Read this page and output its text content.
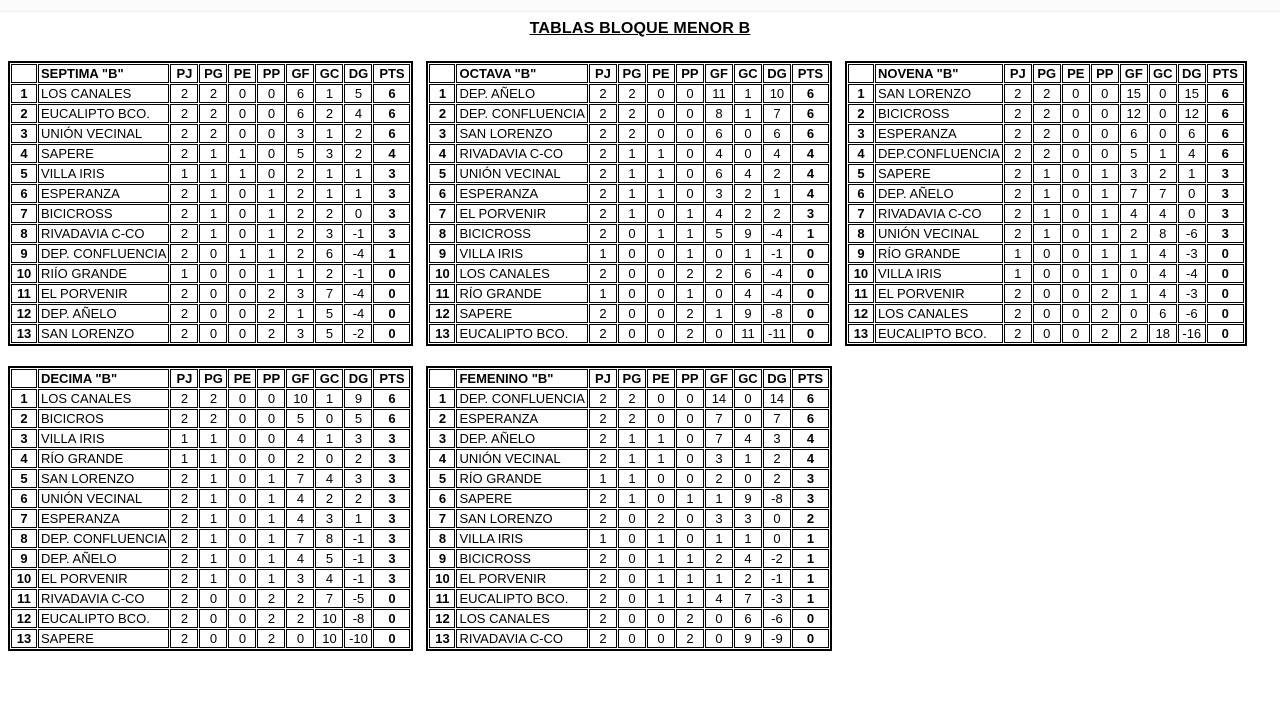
TABLAS BLOQUE MENOR B
	SEPTIMA "B"	PJ	PG	PE	PP	GF	GC	DG	PTS
1	LOS CANALES	2	2	0	0	6	1	5	6
2	EUCALIPTO BCO.	2	2	0	0	6	2	4	6
3	UNIÓN VECINAL	2	2	0	0	3	1	2	6
4	SAPERE	2	1	1	0	5	3	2	4
5	VILLA IRIS	1	1	1	0	2	1	1	3
6	ESPERANZA	2	1	0	1	2	1	1	3
7	BICICROSS	2	1	0	1	2	2	0	3
8	RIVADAVIA C-CO	2	1	0	1	2	3	-1	3
9	DEP. CONFLUENCIA	2	0	1	1	2	6	-4	1
10	RIÍO GRANDE	1	0	0	1	1	2	-1	0
11	EL PORVENIR	2	0	0	2	3	7	-4	0
12	DEP. AÑELO	2	0	0	2	1	5	-4	0
13	SAN LORENZO	2	0	0	2	3	5	-2	0
	OCTAVA "B"	PJ	PG	PE	PP	GF	GC	DG	PTS
1	DEP. AÑELO	2	2	0	0	11	1	10	6
2	DEP. CONFLUENCIA	2	2	0	0	8	1	7	6
3	SAN LORENZO	2	2	0	0	6	0	6	6
4	RIVADAVIA C-CO	2	1	1	0	4	0	4	4
5	UNIÓN VECINAL	2	1	1	0	6	4	2	4
6	ESPERANZA	2	1	1	0	3	2	1	4
7	EL PORVENIR	2	1	0	1	4	2	2	3
8	BICICROSS	2	0	1	1	5	9	-4	1
9	VILLA IRIS	1	0	0	1	0	1	-1	0
10	LOS CANALES	2	0	0	2	2	6	-4	0
11	RÍO GRANDE	1	0	0	1	0	4	-4	0
12	SAPERE	2	0	0	2	1	9	-8	0
13	EUCALIPTO BCO.	2	0	0	2	0	11	-11	0
	NOVENA "B"	PJ	PG	PE	PP	GF	GC	DG	PTS
1	SAN LORENZO	2	2	0	0	15	0	15	6
2	BICICROSS	2	2	0	0	12	0	12	6
3	ESPERANZA	2	2	0	0	6	0	6	6
4	DEP.CONFLUENCIA	2	2	0	0	5	1	4	6
5	SAPERE	2	1	0	1	3	2	1	3
6	DEP. AÑELO	2	1	0	1	7	7	0	3
7	RIVADAVIA C-CO	2	1	0	1	4	4	0	3
8	UNIÓN VECINAL	2	1	0	1	2	8	-6	3
9	RÍO GRANDE	1	0	0	1	1	4	-3	0
10	VILLA IRIS	1	0	0	1	0	4	-4	0
11	EL PORVENIR	2	0	0	2	1	4	-3	0
12	LOS CANALES	2	0	0	2	0	6	-6	0
13	EUCALIPTO BCO.	2	0	0	2	2	18	-16	0
	DECIMA "B"	PJ	PG	PE	PP	GF	GC	DG	PTS
1	LOS CANALES	2	2	0	0	10	1	9	6
2	BICICROS	2	2	0	0	5	0	5	6
3	VILLA IRIS	1	1	0	0	4	1	3	3
4	RÍO GRANDE	1	1	0	0	2	0	2	3
5	SAN LORENZO	2	1	0	1	7	4	3	3
6	UNIÓN VECINAL	2	1	0	1	4	2	2	3
7	ESPERANZA	2	1	0	1	4	3	1	3
8	DEP. CONFLUENCIA	2	1	0	1	7	8	-1	3
9	DEP. AÑELO	2	1	0	1	4	5	-1	3
10	EL PORVENIR	2	1	0	1	3	4	-1	3
11	RIVADAVIA C-CO	2	0	0	2	2	7	-5	0
12	EUCALIPTO BCO.	2	0	0	2	2	10	-8	0
13	SAPERE	2	0	0	2	0	10	-10	0
	FEMENINO "B"	PJ	PG	PE	PP	GF	GC	DG	PTS
1	DEP. CONFLUENCIA	2	2	0	0	14	0	14	6
2	ESPERANZA	2	2	0	0	7	0	7	6
3	DEP. AÑELO	2	1	1	0	7	4	3	4
4	UNIÓN VECINAL	2	1	1	0	3	1	2	4
5	RÍO GRANDE	1	1	0	0	2	0	2	3
6	SAPERE	2	1	0	1	1	9	-8	3
7	SAN LORENZO	2	0	2	0	3	3	0	2
8	VILLA IRIS	1	0	1	0	1	1	0	1
9	BICICROSS	2	0	1	1	2	4	-2	1
10	EL PORVENIR	2	0	1	1	1	2	-1	1
11	EUCALIPTO BCO.	2	0	1	1	4	7	-3	1
12	LOS CANALES	2	0	0	2	0	6	-6	0
13	RIVADAVIA C-CO	2	0	0	2	0	9	-9	0
